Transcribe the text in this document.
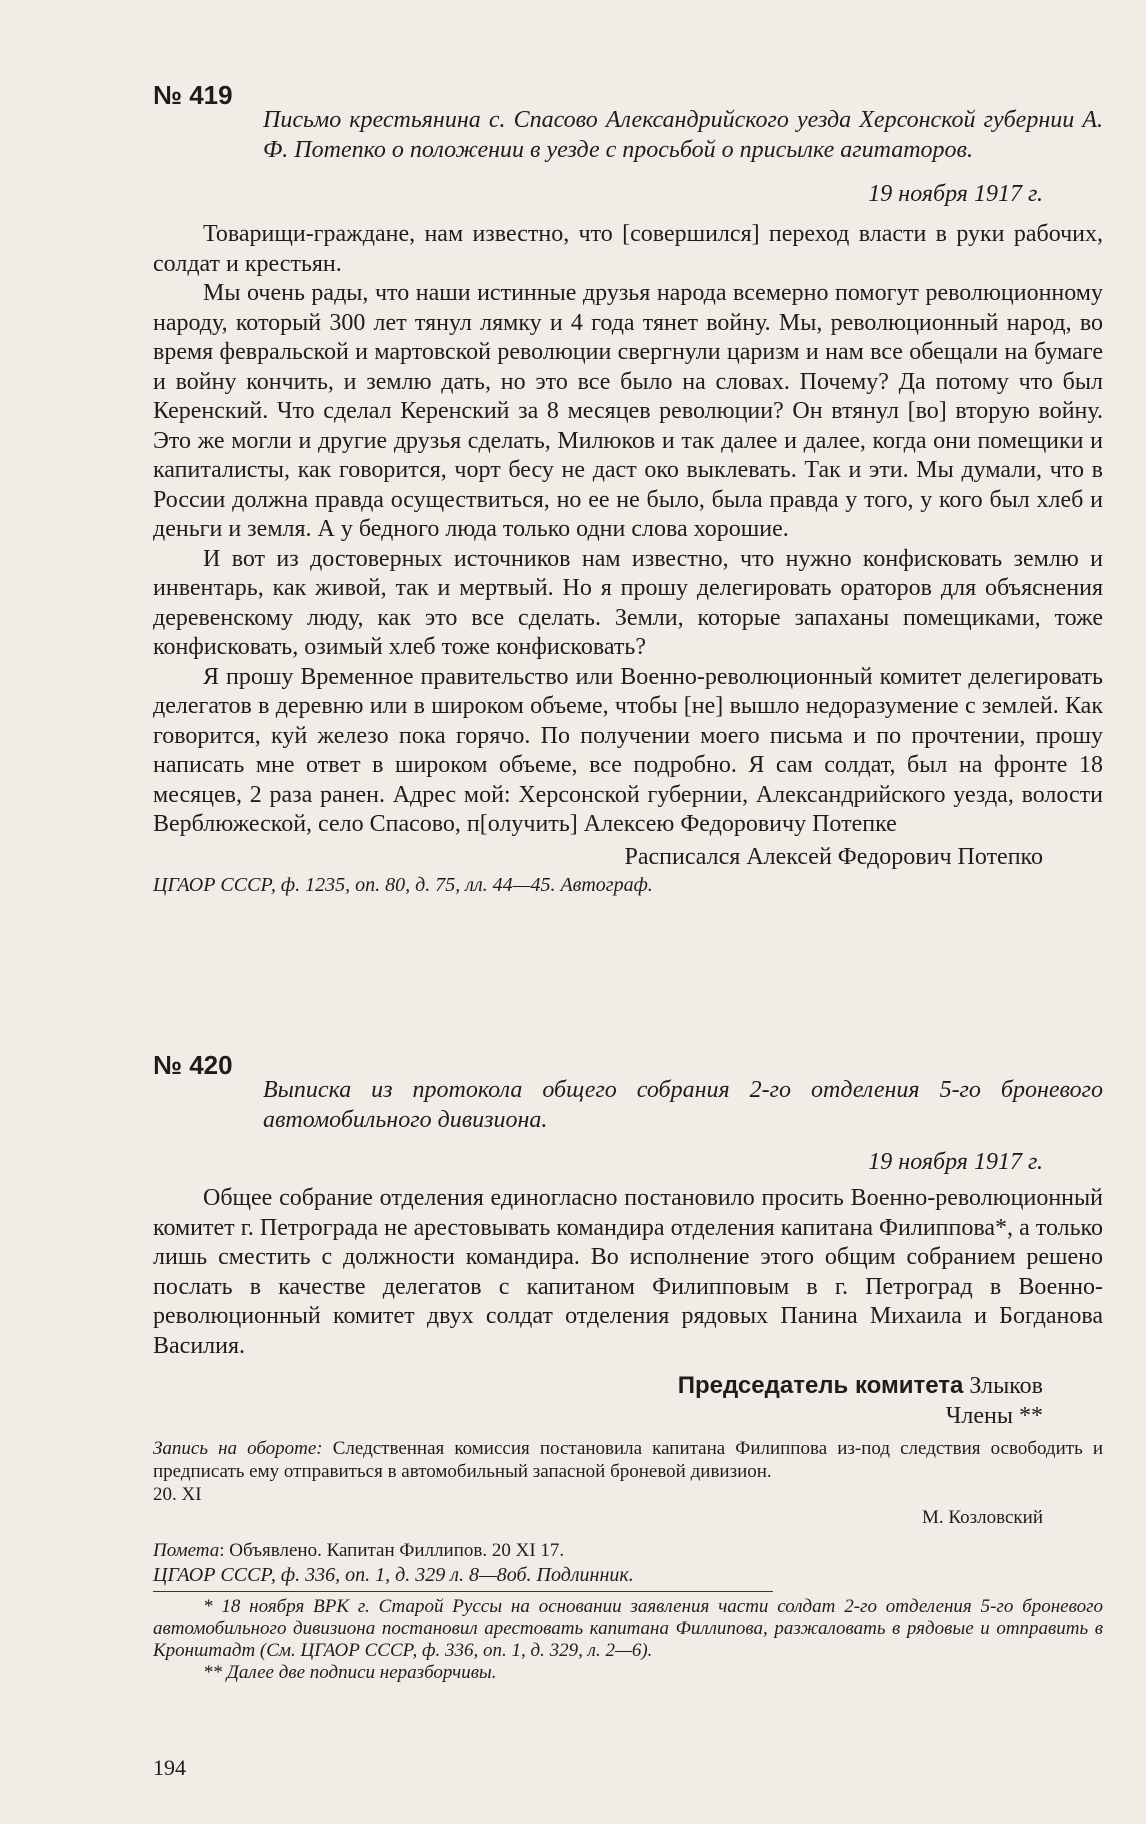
№ 419

Письмо крестьянина с. Спасово Александрийского уезда Херсонской губернии А. Ф. Потепко о положении в уезде с просьбой о присылке агитаторов.

19 ноября 1917 г.

Товарищи-граждане, нам известно, что [совершился] переход власти в руки рабочих, солдат и крестьян.

Мы очень рады, что наши истинные друзья народа всемерно помогут революционному народу, который 300 лет тянул лямку и 4 года тянет войну. Мы, революционный народ, во время февральской и мартовской революции свергнули царизм и нам все обещали на бумаге и войну кончить, и землю дать, но это все было на словах. Почему? Да потому что был Керенский. Что сделал Керенский за 8 месяцев революции? Он втянул [во] вторую войну. Это же могли и другие друзья сделать, Милюков и так далее и далее, когда они помещики и капиталисты, как говорится, чорт бесу не даст око выклевать. Так и эти. Мы думали, что в России должна правда осуществиться, но ее не было, была правда у того, у кого был хлеб и деньги и земля. А у бедного люда только одни слова хорошие.

И вот из достоверных источников нам известно, что нужно конфисковать землю и инвентарь, как живой, так и мертвый. Но я прошу делегировать ораторов для объяснения деревенскому люду, как это все сделать. Земли, которые запаханы помещиками, тоже конфисковать, озимый хлеб тоже конфисковать?

Я прошу Временное правительство или Военно-революционный комитет делегировать делегатов в деревню или в широком объеме, чтобы [не] вышло недоразумение с землей. Как говорится, куй железо пока горячо. По получении моего письма и по прочтении, прошу написать мне ответ в широком объеме, все подробно. Я сам солдат, был на фронте 18 месяцев, 2 раза ранен. Адрес мой: Херсонской губернии, Александрийского уезда, волости Верблюжеской, село Спасово, п[олучить] Алексею Федоровичу Потепке

Расписался Алексей Федорович Потепко

ЦГАОР СССР, ф. 1235, оп. 80, д. 75, лл. 44—45. Автограф.

№ 420

Выписка из протокола общего собрания 2-го отделения 5-го броневого автомобильного дивизиона.

19 ноября 1917 г.

Общее собрание отделения единогласно постановило просить Военно-революционный комитет г. Петрограда не арестовывать командира отделения капитана Филиппова*, а только лишь сместить с должности командира. Во исполнение этого общим собранием решено послать в качестве делегатов с капитаном Филипповым в г. Петроград в Военно-революционный комитет двух солдат отделения рядовых Панина Михаила и Богданова Василия.

Председатель комитета Злыков
Члены **

Запись на обороте: Следственная комиссия постановила капитана Филиппова из-под следствия освободить и предписать ему отправиться в автомобильный запасной броневой дивизион.

20. XI

М. Козловский

Помета: Объявлено. Капитан Филлипов. 20 XI 17.

ЦГАОР СССР, ф. 336, оп. 1, д. 329 л. 8—8об. Подлинник.

* 18 ноября ВРК г. Старой Руссы на основании заявления части солдат 2-го отделения 5-го броневого автомобильного дивизиона постановил арестовать капитана Филлипова, разжаловать в рядовые и отправить в Кронштадт (См. ЦГАОР СССР, ф. 336, оп. 1, д. 329, л. 2—6).

** Далее две подписи неразборчивы.

194
